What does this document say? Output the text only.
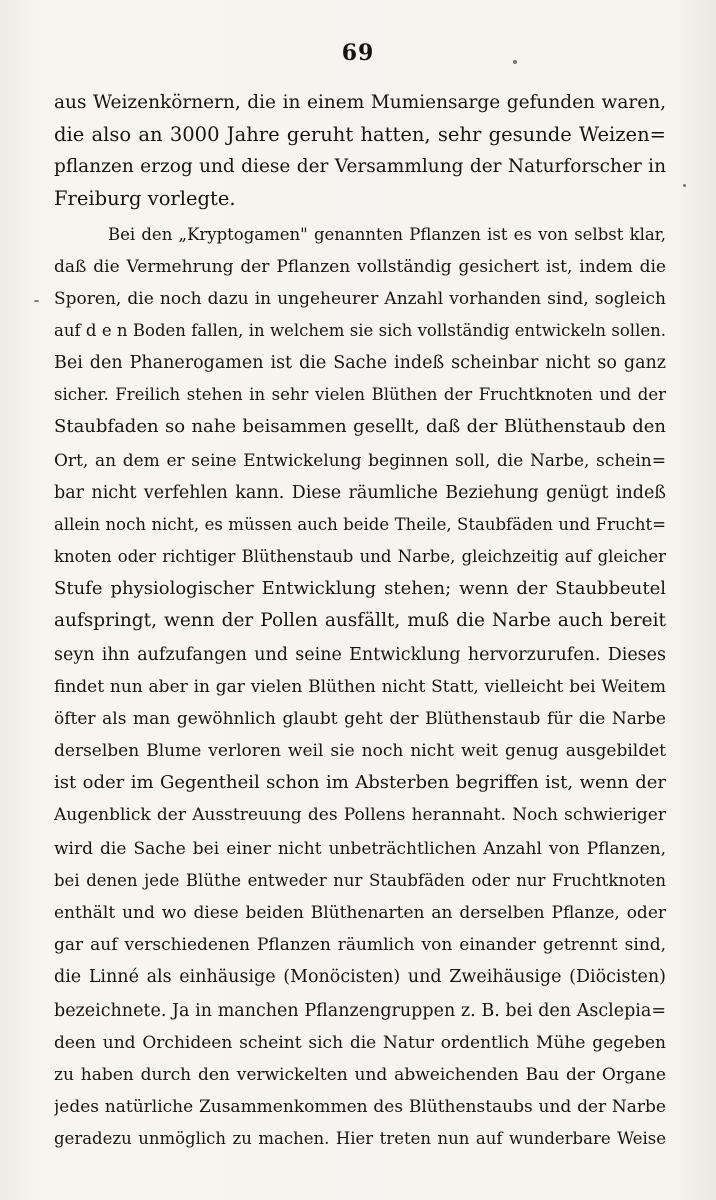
69
aus Weizenkörnern, die in einem Mumiensarge gefunden waren,
die also an 3000 Jahre geruht hatten, sehr gesunde Weizen=
pflanzen erzog und diese der Versammlung der Naturforscher in
Freiburg vorlegte.
Bei den „Kryptogamen" genannten Pflanzen ist es von selbst klar,
daß die Vermehrung der Pflanzen vollständig gesichert ist, indem die
Sporen, die noch dazu in ungeheurer Anzahl vorhanden sind, sogleich
auf d e n Boden fallen, in welchem sie sich vollständig entwickeln sollen.
Bei den Phanerogamen ist die Sache indeß scheinbar nicht so ganz
sicher. Freilich stehen in sehr vielen Blüthen der Fruchtknoten und der
Staubfaden so nahe beisammen gesellt, daß der Blüthenstaub den
Ort, an dem er seine Entwickelung beginnen soll, die Narbe, schein=
bar nicht verfehlen kann. Diese räumliche Beziehung genügt indeß
allein noch nicht, es müssen auch beide Theile, Staubfäden und Frucht=
knoten oder richtiger Blüthenstaub und Narbe, gleichzeitig auf gleicher
Stufe physiologischer Entwicklung stehen; wenn der Staubbeutel
aufspringt, wenn der Pollen ausfällt, muß die Narbe auch bereit
seyn ihn aufzufangen und seine Entwicklung hervorzurufen. Dieses
findet nun aber in gar vielen Blüthen nicht Statt, vielleicht bei Weitem
öfter als man gewöhnlich glaubt geht der Blüthenstaub für die Narbe
derselben Blume verloren weil sie noch nicht weit genug ausgebildet
ist oder im Gegentheil schon im Absterben begriffen ist, wenn der
Augenblick der Ausstreuung des Pollens herannaht. Noch schwieriger
wird die Sache bei einer nicht unbeträchtlichen Anzahl von Pflanzen,
bei denen jede Blüthe entweder nur Staubfäden oder nur Fruchtknoten
enthält und wo diese beiden Blüthenarten an derselben Pflanze, oder
gar auf verschiedenen Pflanzen räumlich von einander getrennt sind,
die Linné als einhäusige (Monöcisten) und Zweihäusige (Diöcisten)
bezeichnete. Ja in manchen Pflanzengruppen z. B. bei den Asclepia=
deen und Orchideen scheint sich die Natur ordentlich Mühe gegeben
zu haben durch den verwickelten und abweichenden Bau der Organe
jedes natürliche Zusammenkommen des Blüthenstaubs und der Narbe
geradezu unmöglich zu machen. Hier treten nun auf wunderbare Weise
